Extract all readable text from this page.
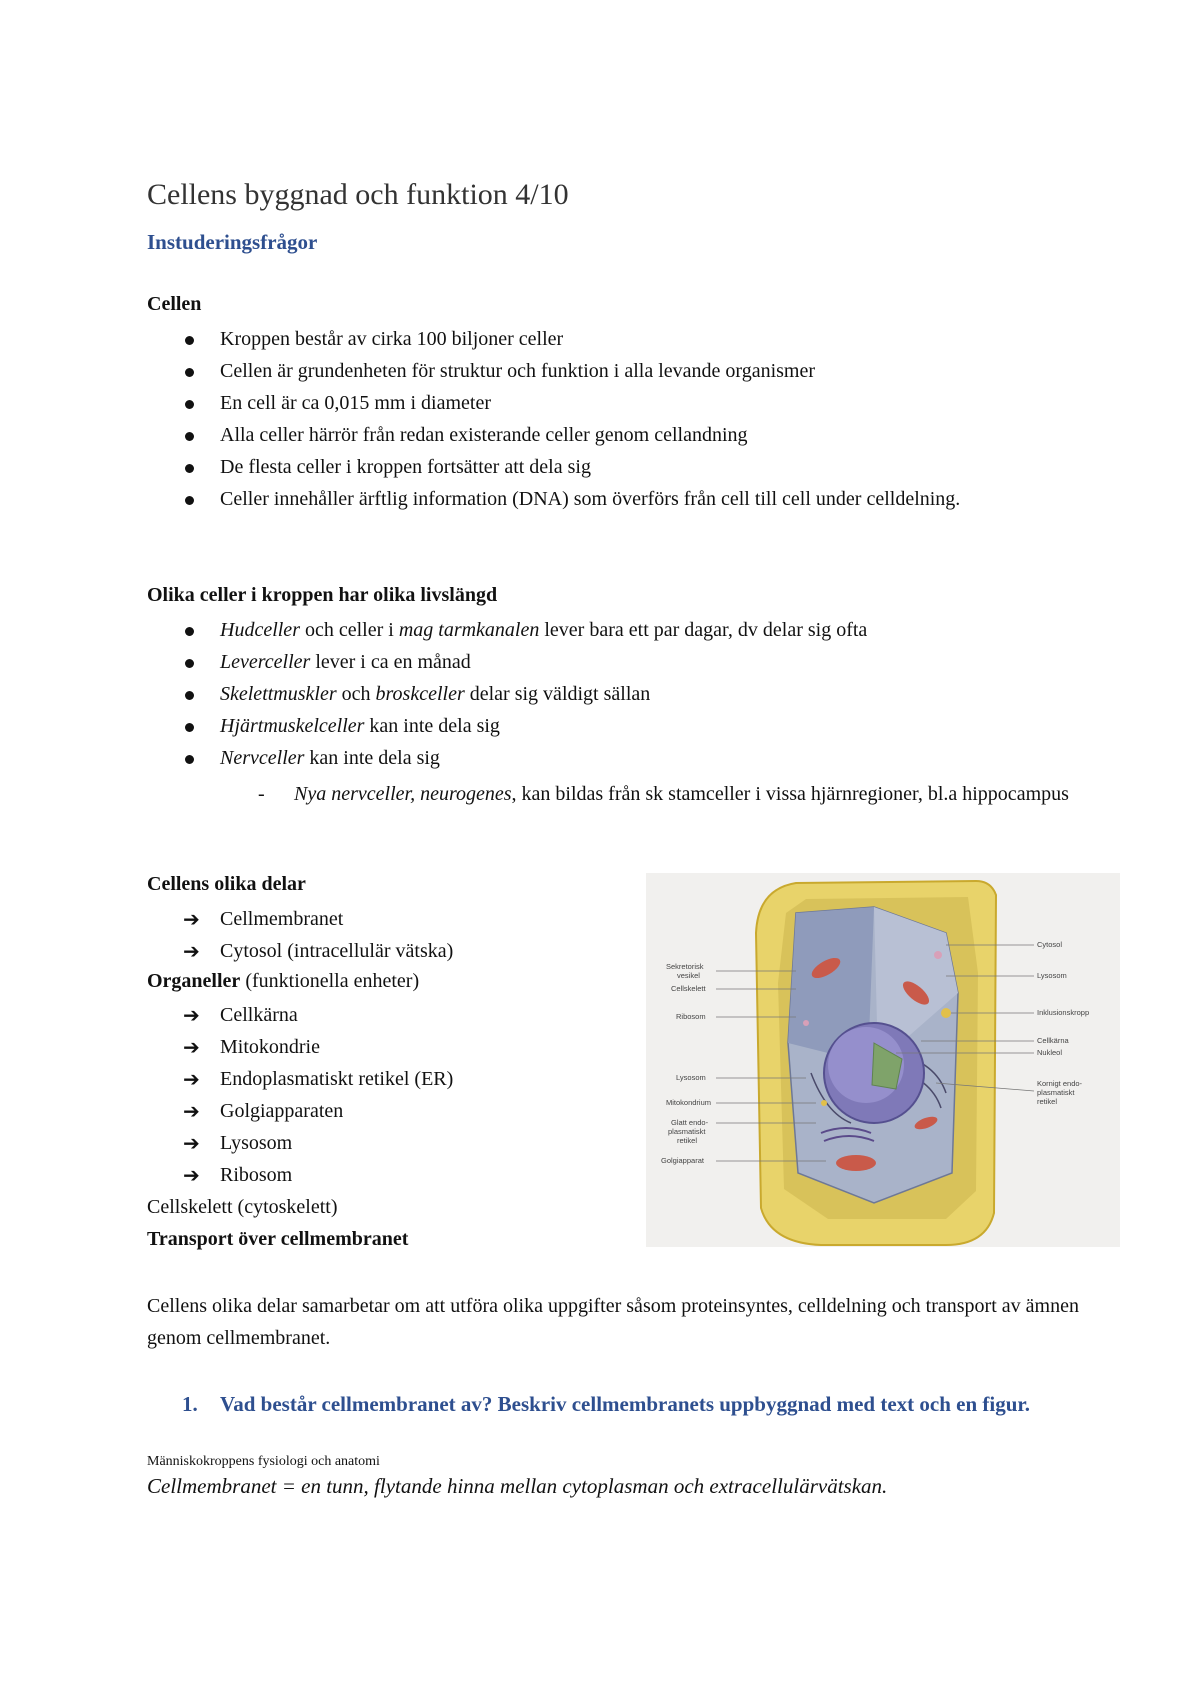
Cellens byggnad och funktion 4/10
Instuderingsfrågor

Cellen

Kroppen består av cirka 100 biljoner celler
Cellen är grundenheten för struktur och funktion i alla levande organismer
En cell är ca 0,015 mm i diameter
Alla celler härrör från redan existerande celler genom cellandning
De flesta celler i kroppen fortsätter att dela sig
Celler innehåller ärftlig information (DNA) som överförs från cell till cell under celldelning.

Olika celler i kroppen har olika livslängd

Hudceller och celler i mag tarmkanalen lever bara ett par dagar, dv delar sig ofta
Leverceller lever i ca en månad
Skelettmuskler och broskceller delar sig väldigt sällan
Hjärtmuskelceller kan inte dela sig
Nervceller kan inte dela sig
-	Nya nervceller, neurogenes, kan bildas från sk stamceller i vissa hjärnregioner, bl.a hippocampus

Cellens olika delar

➔ Cellmembranet
➔ Cytosol (intracellulär vätska)

Organeller (funktionella enheter)

➔ Cellkärna
➔ Mitokondrie
➔ Endoplasmatiskt retikel (ER)
➔ Golgiapparaten
➔ Lysosom
➔ Ribosom

Cellskelett (cytoskelett)

Transport över cellmembranet

Sekretorisk
vesikel
Cellskelett
Ribosom
Lysosom
Mitokondrium
Glatt endo-
plasmatiskt
retikel
Golgiapparat
Cytosol
Lysosom
Inklusionskropp
Cellkärna
Nukleol
Kornigt endo-
plasmatiskt
retikel

Cellens olika delar samarbetar om att utföra olika uppgifter såsom proteinsyntes, celldelning och transport av ämnen genom cellmembranet.

1.	Vad består cellmembranet av? Beskriv cellmembranets uppbyggnad med text och en figur.

Människokroppens fysiologi och anatomi

Cellmembranet = en tunn, flytande hinna mellan cytoplasman och extracellulärvätskan.
